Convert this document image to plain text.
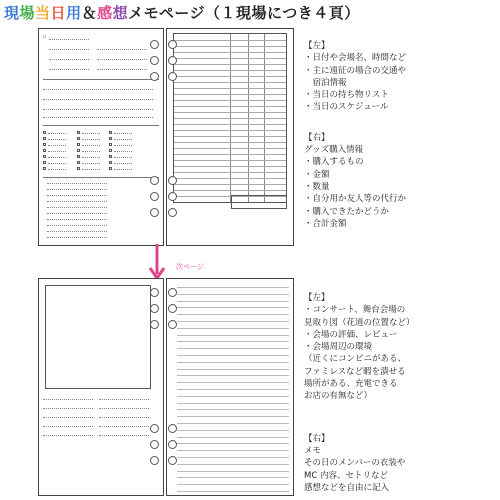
現場当日用＆感想メモページ（１現場につき４頁）
日
【左】
・日付や会場名、時間など
・主に遠征の場合の交通や
　宿泊情報
・当日の持ち物リスト
・当日のスケジュール
【右】
グッズ購入情報
・購入するもの
・金額
・数量
・自分用か友人等の代行か
・購入できたかどうか
・合計金額
次ページ
【左】
・コンサート、舞台会場の
見取り図（花道の位置など）
・会場の評価、レビュー
・会場周辺の環境
（近くにコンビニがある、
ファミレスなど暇を潰せる
場所がある、充電できる
お店の有無など）
【右】
メモ
その日のメンバーの衣装や
MC 内容、セトリなど
感想などを自由に記入
